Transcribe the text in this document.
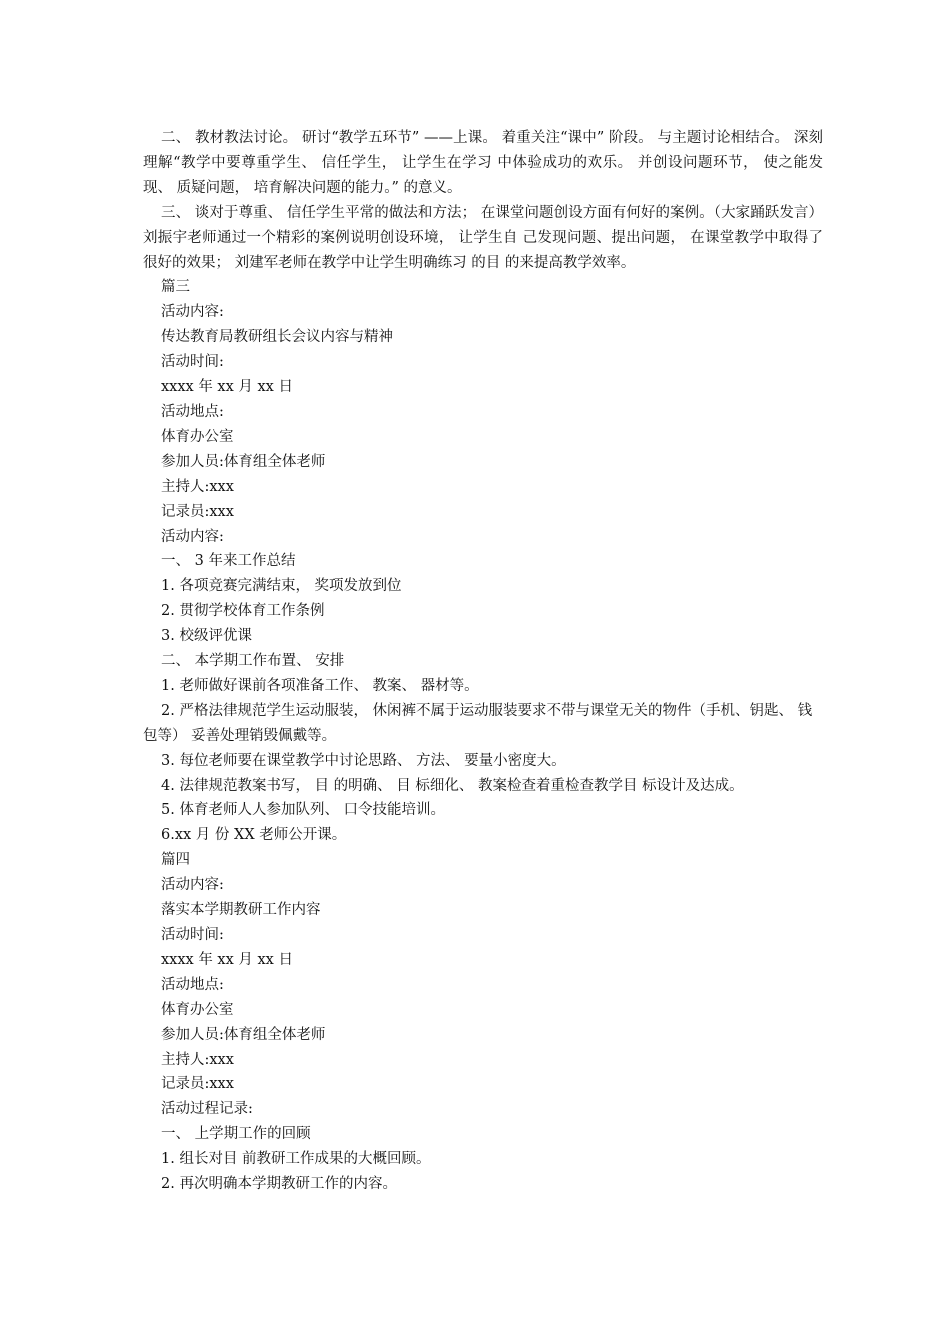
二、 教材教法讨论。 研讨“教学五环节” ——上课。 着重关注“课中” 阶段。 与主题讨论相结合。 深刻理解“教学中要尊重学生、 信任学生， 让学生在学习 中体验成功的欢乐。 并创设问题环节， 使之能发现、 质疑问题， 培育解决问题的能力。” 的意义。

三、 谈对于尊重、 信任学生平常的做法和方法； 在课堂问题创设方面有何好的案例。（大家踊跃发言） 刘振宇老师通过一个精彩的案例说明创设环境， 让学生自 己发现问题、提出问题， 在课堂教学中取得了很好的效果； 刘建军老师在教学中让学生明确练习 的目 的来提高教学效率。

篇三

活动内容:

传达教育局教研组长会议内容与精神

活动时间:

xxxx 年 xx 月 xx 日

活动地点:

体育办公室

参加人员:体育组全体老师

主持人:xxx

记录员:xxx

活动内容:

一、 3 年来工作总结

1. 各项竞赛完满结束， 奖项发放到位

2. 贯彻学校体育工作条例

3. 校级评优课

二、 本学期工作布置、 安排

1. 老师做好课前各项准备工作、 教案、 器材等。

2. 严格法律规范学生运动服装， 休闲裤不属于运动服装要求不带与课堂无关的物件（手机、钥匙、 钱包等） 妥善处理销毁佩戴等。

3. 每位老师要在课堂教学中讨论思路、 方法、 要量小密度大。

4. 法律规范教案书写， 目 的明确、 目 标细化、 教案检查着重检查教学目 标设计及达成。

5. 体育老师人人参加队列、 口令技能培训。

6.xx 月 份 XX 老师公开课。

篇四

活动内容:

落实本学期教研工作内容

活动时间:

xxxx 年 xx 月 xx 日

活动地点:

体育办公室

参加人员:体育组全体老师

主持人:xxx

记录员:xxx

活动过程记录:

一、 上学期工作的回顾

1. 组长对目 前教研工作成果的大概回顾。

2. 再次明确本学期教研工作的内容。
